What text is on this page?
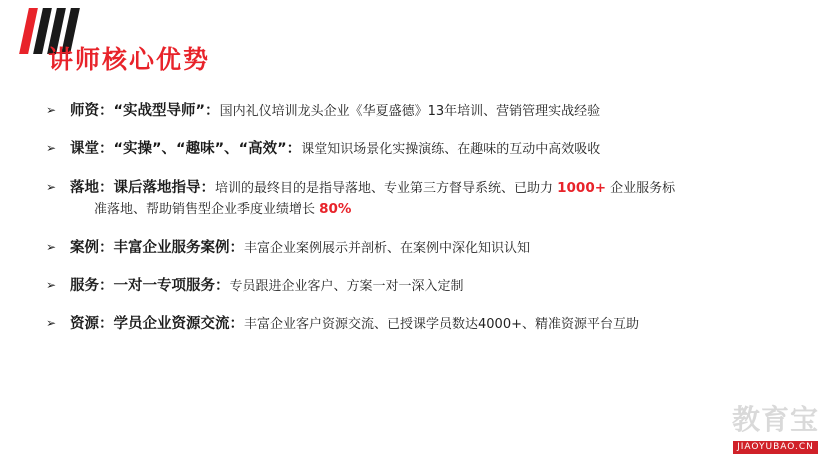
讲师核心优势
➢ 师资：“实战型导师”：国内礼仪培训龙头企业《华夏盛德》13年培训、营销管理实战经验
➢ 课堂：“实操”、“趣味”、“高效”：课堂知识场景化实操演练、在趣味的互动中高效吸收
➢ 落地：课后落地指导：培训的最终目的是指导落地、专业第三方督导系统、已助力 1000+ 企业服务标
准落地、帮助销售型企业季度业绩增长 80%
➢ 案例：丰富企业服务案例：丰富企业案例展示并剖析、在案例中深化知识认知
➢ 服务：一对一专项服务：专员跟进企业客户、方案一对一深入定制
➢ 资源：学员企业资源交流：丰富企业客户资源交流、已授课学员数达4000+、精准资源平台互助
教育宝
JIAOYUBAO.CN
